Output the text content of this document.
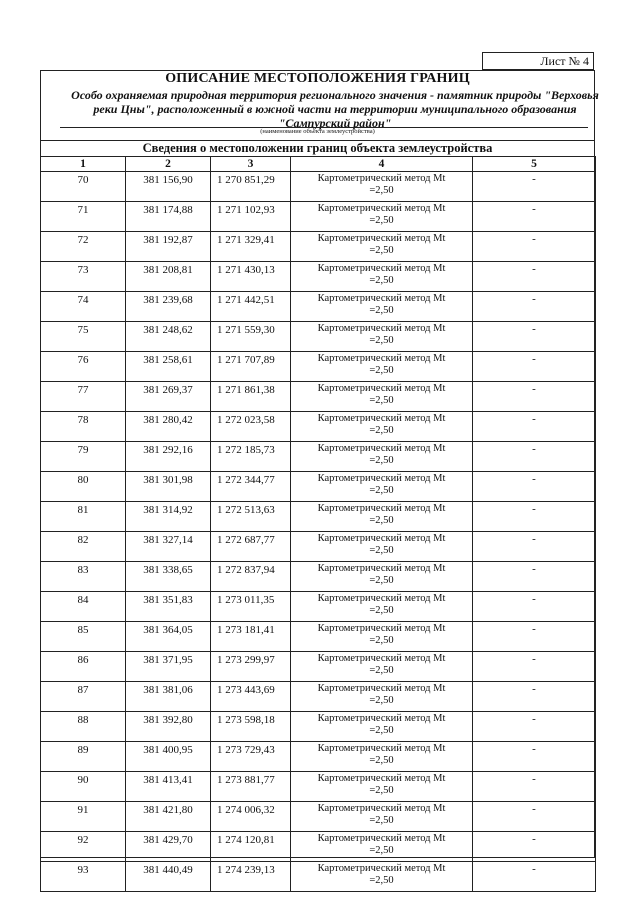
Лист № 4
ОПИСАНИЕ МЕСТОПОЛОЖЕНИЯ ГРАНИЦ
Особо охраняемая природная территория регионального значения - памятник природы "Верховья реки Цны", расположенный в южной части на территории муниципального образования "Сампурский район"
(наименование объекта землеустройства)
Сведения о местоположении границ объекта землеустройства
1	2	3	4	5
70	381 156,90	1 270 851,29	Картометрический метод Мt
=2,50	-
71	381 174,88	1 271 102,93	Картометрический метод Мt
=2,50	-
72	381 192,87	1 271 329,41	Картометрический метод Мt
=2,50	-
73	381 208,81	1 271 430,13	Картометрический метод Мt
=2,50	-
74	381 239,68	1 271 442,51	Картометрический метод Мt
=2,50	-
75	381 248,62	1 271 559,30	Картометрический метод Мt
=2,50	-
76	381 258,61	1 271 707,89	Картометрический метод Мt
=2,50	-
77	381 269,37	1 271 861,38	Картометрический метод Мt
=2,50	-
78	381 280,42	1 272 023,58	Картометрический метод Мt
=2,50	-
79	381 292,16	1 272 185,73	Картометрический метод Мt
=2,50	-
80	381 301,98	1 272 344,77	Картометрический метод Мt
=2,50	-
81	381 314,92	1 272 513,63	Картометрический метод Мt
=2,50	-
82	381 327,14	1 272 687,77	Картометрический метод Мt
=2,50	-
83	381 338,65	1 272 837,94	Картометрический метод Мt
=2,50	-
84	381 351,83	1 273 011,35	Картометрический метод Мt
=2,50	-
85	381 364,05	1 273 181,41	Картометрический метод Мt
=2,50	-
86	381 371,95	1 273 299,97	Картометрический метод Мt
=2,50	-
87	381 381,06	1 273 443,69	Картометрический метод Мt
=2,50	-
88	381 392,80	1 273 598,18	Картометрический метод Мt
=2,50	-
89	381 400,95	1 273 729,43	Картометрический метод Мt
=2,50	-
90	381 413,41	1 273 881,77	Картометрический метод Мt
=2,50	-
91	381 421,80	1 274 006,32	Картометрический метод Мt
=2,50	-
92	381 429,70	1 274 120,81	Картометрический метод Мt
=2,50	-
93	381 440,49	1 274 239,13	Картометрический метод Мt
=2,50	-
